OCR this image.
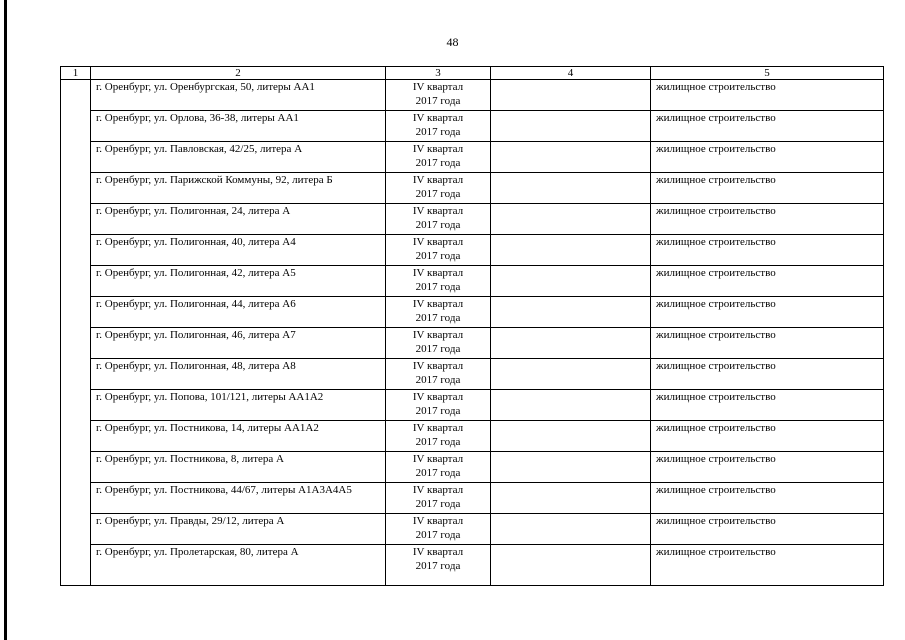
48
1	2	3	4	5
	г. Оренбург, ул. Оренбургская, 50, литеры АА1	IV квартал
2017 года		жилищное строительство
	г. Оренбург, ул. Орлова, 36-38, литеры АА1	IV квартал
2017 года		жилищное строительство
	г. Оренбург, ул. Павловская, 42/25, литера А	IV квартал
2017 года		жилищное строительство
	г. Оренбург, ул. Парижской Коммуны, 92, литера Б	IV квартал
2017 года		жилищное строительство
	г. Оренбург, ул. Полигонная, 24, литера А	IV квартал
2017 года		жилищное строительство
	г. Оренбург, ул. Полигонная, 40, литера А4	IV квартал
2017 года		жилищное строительство
	г. Оренбург, ул. Полигонная, 42, литера А5	IV квартал
2017 года		жилищное строительство
	г. Оренбург, ул. Полигонная, 44, литера А6	IV квартал
2017 года		жилищное строительство
	г. Оренбург, ул. Полигонная, 46, литера А7	IV квартал
2017 года		жилищное строительство
	г. Оренбург, ул. Полигонная, 48, литера А8	IV квартал
2017 года		жилищное строительство
	г. Оренбург, ул. Попова, 101/121, литеры АА1А2	IV квартал
2017 года		жилищное строительство
	г. Оренбург, ул. Постникова, 14, литеры АА1А2	IV квартал
2017 года		жилищное строительство
	г. Оренбург, ул. Постникова, 8, литера А	IV квартал
2017 года		жилищное строительство
	г. Оренбург, ул. Постникова, 44/67, литеры А1А3А4А5	IV квартал
2017 года		жилищное строительство
	г. Оренбург, ул. Правды, 29/12, литера А	IV квартал
2017 года		жилищное строительство
	г. Оренбург, ул. Пролетарская, 80, литера А	IV квартал
2017 года		жилищное строительство
